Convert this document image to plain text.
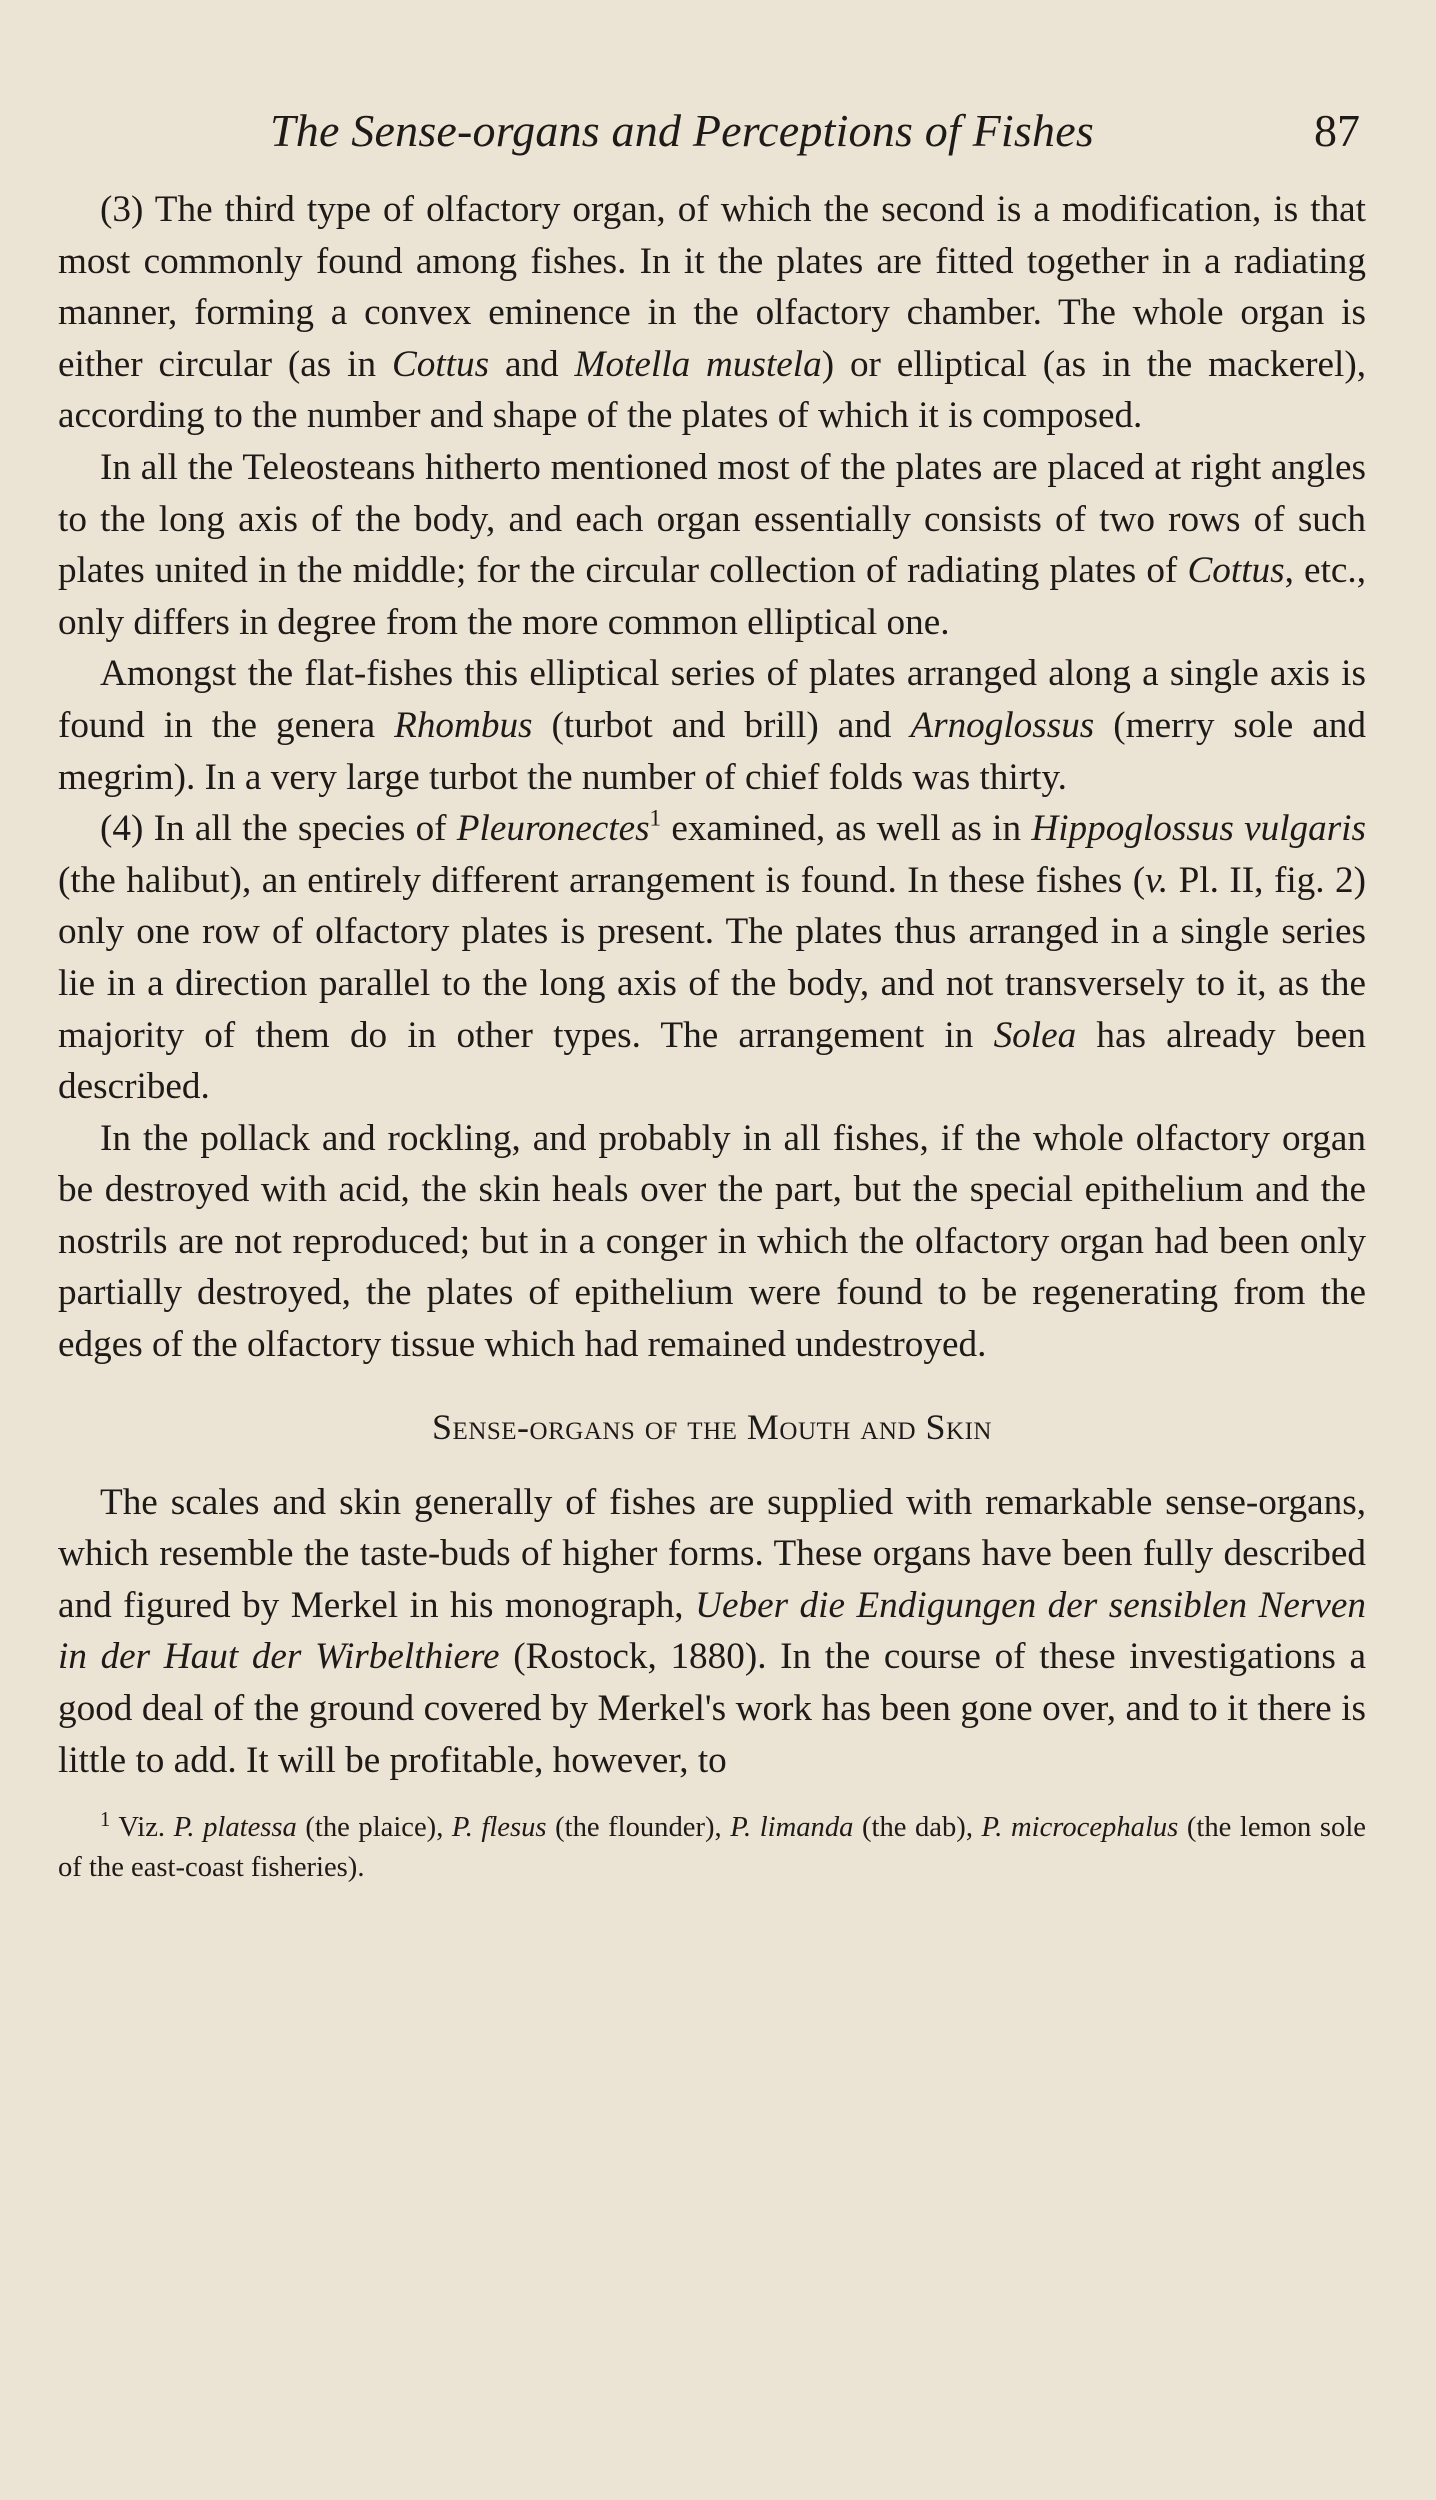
The Sense-organs and Perceptions of Fishes	87

(3) The third type of olfactory organ, of which the second is a modification, is that most commonly found among fishes. In it the plates are fitted together in a radiating manner, forming a convex eminence in the olfactory chamber. The whole organ is either circular (as in Cottus and Motella mustela) or elliptical (as in the mackerel), according to the number and shape of the plates of which it is composed.

In all the Teleosteans hitherto mentioned most of the plates are placed at right angles to the long axis of the body, and each organ essentially consists of two rows of such plates united in the middle; for the circular collection of radiating plates of Cottus, etc., only differs in degree from the more common elliptical one.

Amongst the flat-fishes this elliptical series of plates arranged along a single axis is found in the genera Rhombus (turbot and brill) and Arnoglossus (merry sole and megrim). In a very large turbot the number of chief folds was thirty.

(4) In all the species of Pleuronectes$^1$ examined, as well as in Hippoglossus vulgaris (the halibut), an entirely different arrangement is found. In these fishes (v. Pl. II, fig. 2) only one row of olfactory plates is present. The plates thus arranged in a single series lie in a direction parallel to the long axis of the body, and not transversely to it, as the majority of them do in other types. The arrangement in Solea has already been described.

In the pollack and rockling, and probably in all fishes, if the whole olfactory organ be destroyed with acid, the skin heals over the part, but the special epithelium and the nostrils are not reproduced; but in a conger in which the olfactory organ had been only partially destroyed, the plates of epithelium were found to be regenerating from the edges of the olfactory tissue which had remained undestroyed.

Sense-organs of the Mouth and Skin

The scales and skin generally of fishes are supplied with remarkable sense-organs, which resemble the taste-buds of higher forms. These organs have been fully described and figured by Merkel in his monograph, Ueber die Endigungen der sensiblen Nerven in der Haut der Wirbelthiere (Rostock, 1880). In the course of these investigations a good deal of the ground covered by Merkel's work has been gone over, and to it there is little to add. It will be profitable, however, to

$^1$ Viz. P. platessa (the plaice), P. flesus (the flounder), P. limanda (the dab), P. microcephalus (the lemon sole of the east-coast fisheries).
